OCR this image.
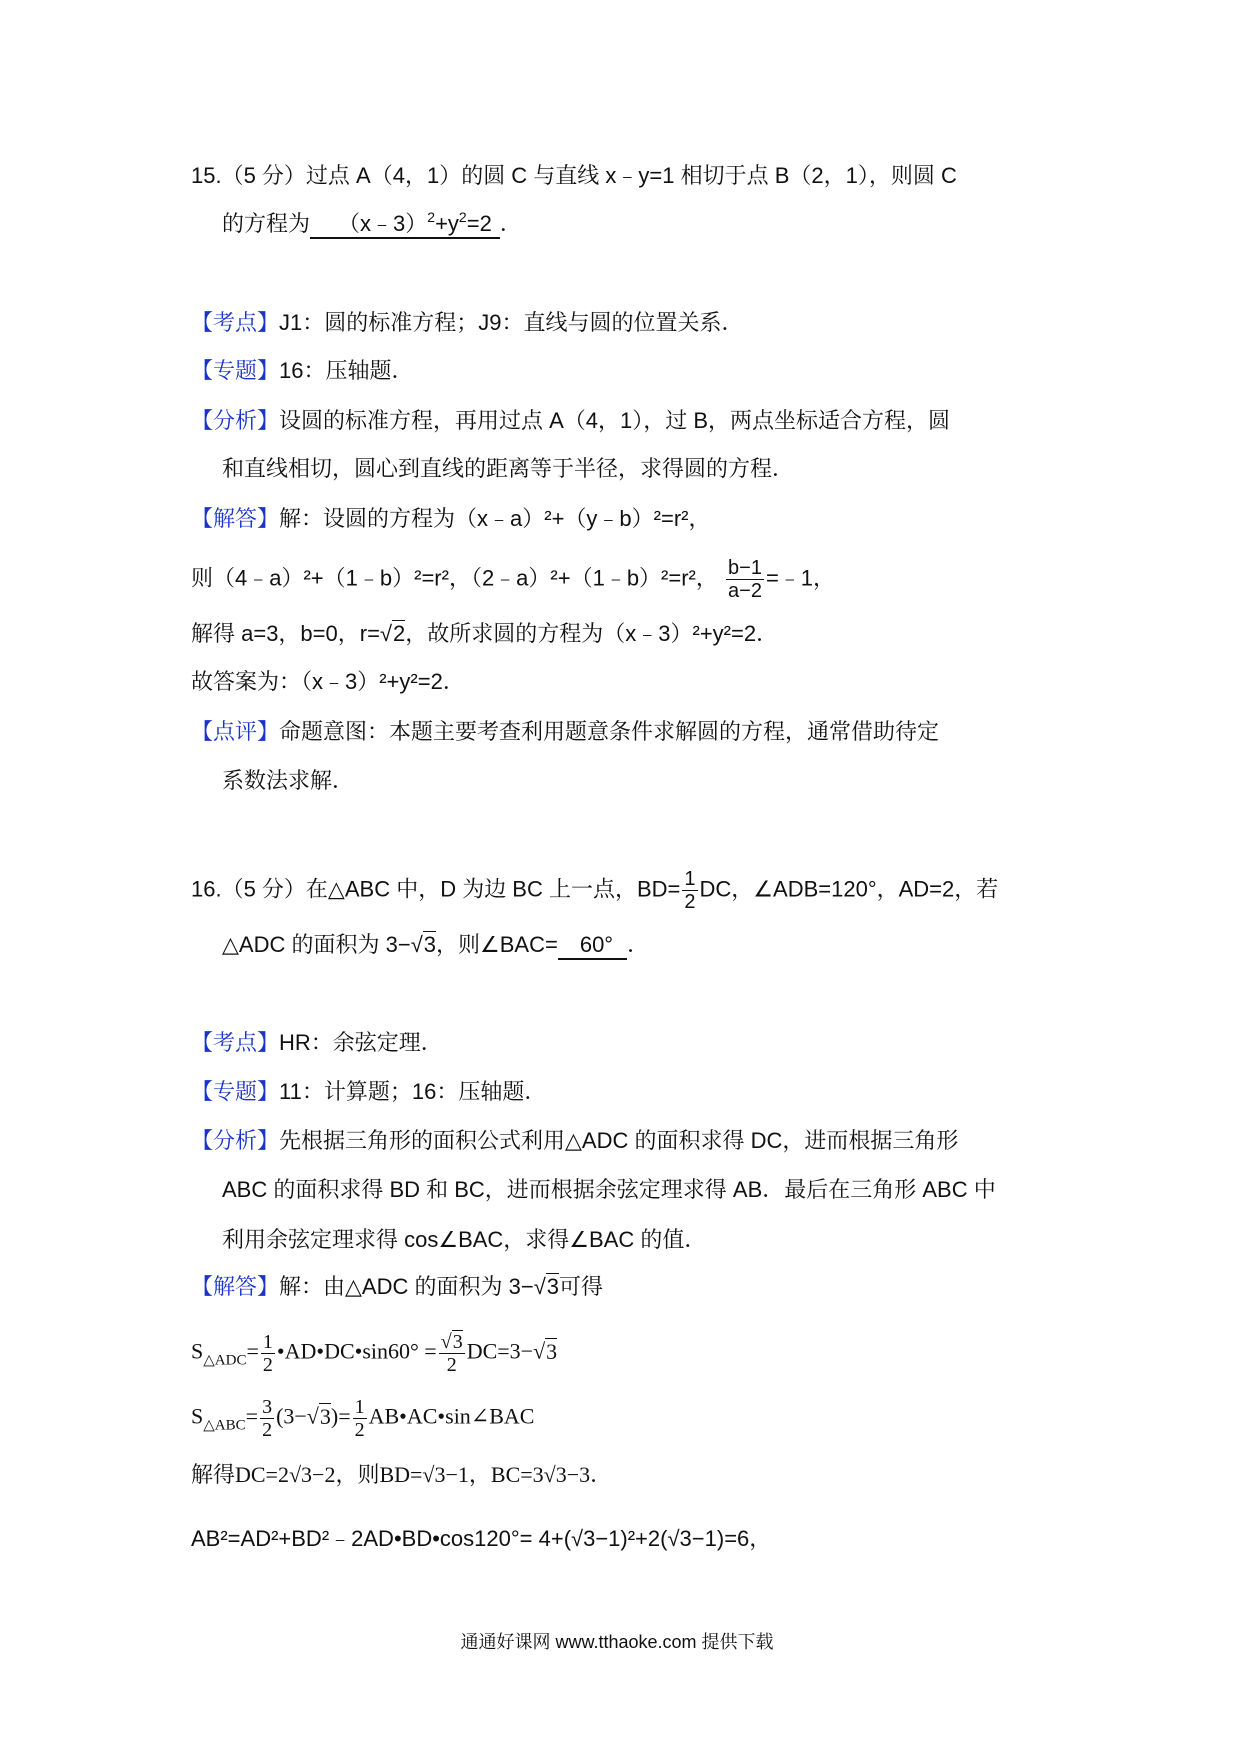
15.（5 分）过点 A（4，1）的圆 C 与直线 x﹣y=1 相切于点 B（2，1），则圆 C
的方程为 $(x﹣3)^2+y^2=2$ ．
【考点】J1：圆的标准方程；J9：直线与圆的位置关系．
【专题】16：压轴题．
【分析】设圆的标准方程，再用过点 A（4，1），过 B，两点坐标适合方程，圆
和直线相切，圆心到直线的距离等于半径，求得圆的方程．
【解答】解：设圆的方程为（x﹣a）²+（y﹣b）²=r²，
则（4﹣a）²+（1﹣b）²=r²，（2﹣a）²+（1﹣b）²=r²， $\frac{b-1}{a-2}$ =﹣1，
解得 a=3，b=0，r=√2，故所求圆的方程为（x﹣3）²+y²=2．
故答案为：（x﹣3）²+y²=2．
【点评】命题意图：本题主要考查利用题意条件求解圆的方程，通常借助待定
系数法求解．
16.（5 分）在△ABC 中，D 为边 BC 上一点，$BD= \frac{1}{2}$ DC，∠ADB=120°，AD=2，若
△ADC 的面积为 3−√3，则∠BAC= 60° ．
【考点】HR：余弦定理．
【专题】11：计算题；16：压轴题．
【分析】先根据三角形的面积公式利用△ADC 的面积求得 DC，进而根据三角形
ABC 的面积求得 BD 和 BC，进而根据余弦定理求得 AB．最后在三角形 ABC 中
利用余弦定理求得 cos∠BAC，求得∠BAC 的值．
【解答】解：由△ADC 的面积为 3−√3可得
$S_{\triangle ADC}= \frac{1}{2}$ •AD•DC•sin60° = $\frac{√3}{2} DC=3-√3$
$S_{\triangle ABC}= \frac{3}{2} (3-√3)= \frac{1}{2}$ AB•AC•sin∠BAC
解得DC=2√3−2，则BD=√3−1，BC=3√3−3．
AB²=AD²+BD²﹣2AD•BD•cos120°= 4+(√3−1)²+2(√3−1)=6，
通通好课网 www.tthaoke.com 提供下载
